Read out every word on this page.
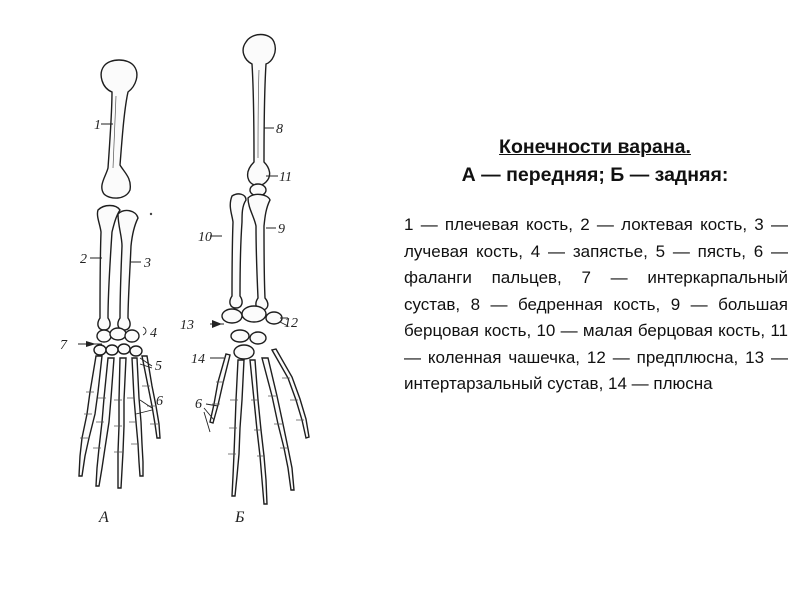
1
2	3
4
7
5
6
А
8
11
10
9
13	12
14
6
Б

Конечности варана.

А — передняя; Б — задняя:

1 — плечевая кость, 2 — локтевая кость, 3 — лучевая кость, 4 — запястье, 5 — пясть, 6 — фаланги пальцев, 7 — интеркарпальный сустав, 8 — бедренная кость, 9 — большая берцовая кость, 10 — малая берцовая кость, 11 — коленная чашечка, 12 — предплюсна, 13 — интертарзальный сустав, 14 — плюсна
